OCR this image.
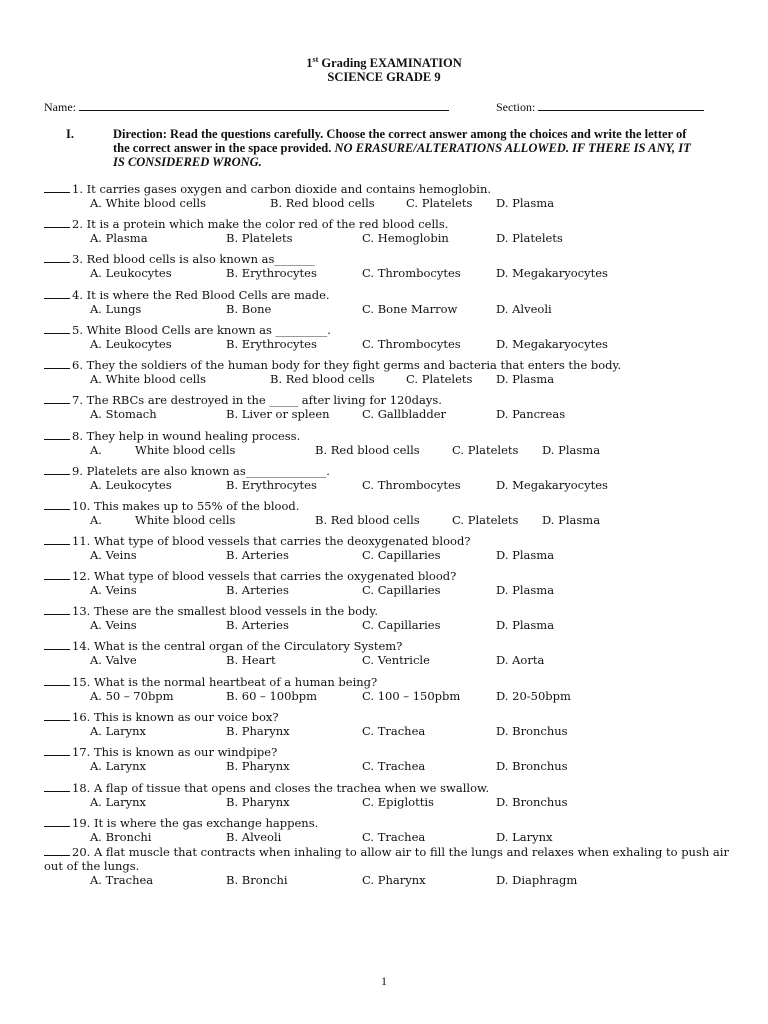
1st Grading EXAMINATION
SCIENCE GRADE 9
Name:	Section:
I.	Direction: Read the questions carefully. Choose the correct answer among the choices and write the letter of the correct answer in the space provided. NO ERASURE/ALTERATIONS ALLOWED. IF THERE IS ANY, IT IS CONSIDERED WRONG.
1. It carries gases oxygen and carbon dioxide and contains hemoglobin.
A. White blood cells	B. Red blood cells	C. Platelets D. Plasma
2. It is a protein which make the color red of the red blood cells.
A. Plasma	B. Platelets	C. Hemoglobin	D. Platelets
3. Red blood cells is also known as_______
A. Leukocytes	B. Erythrocytes	C. Thrombocytes	D. Megakaryocytes
4. It is where the Red Blood Cells are made.
A. Lungs	B. Bone	C. Bone Marrow	D. Alveoli
5. White Blood Cells are known as _________.
A. Leukocytes	B. Erythrocytes	C. Thrombocytes	D. Megakaryocytes
6. They the soldiers of the human body for they fight germs and bacteria that enters the body.
A. White blood cells	B. Red blood cells	C. Platelets D. Plasma
7. The RBCs are destroyed in the _____ after living for 120days.
A. Stomach	B. Liver or spleen	C. Gallbladder	D. Pancreas
8. They help in wound healing process.
A.	White blood cells	B. Red blood cells	C. Platelets D. Plasma
9. Platelets are also known as______________.
A. Leukocytes	B. Erythrocytes	C. Thrombocytes	D. Megakaryocytes
10. This makes up to 55% of the blood.
A.	White blood cells	B. Red blood cells	C. Platelets D. Plasma
11. What type of blood vessels that carries the deoxygenated blood?
A. Veins	B. Arteries	C. Capillaries	D. Plasma
12. What type of blood vessels that carries the oxygenated blood?
A. Veins	B. Arteries	C. Capillaries	D. Plasma
13. These are the smallest blood vessels in the body.
A. Veins	B. Arteries	C. Capillaries	D. Plasma
14. What is the central organ of the Circulatory System?
A. Valve	B. Heart	C. Ventricle	D. Aorta
15. What is the normal heartbeat of a human being?
A. 50 – 70bpm	B. 60 – 100bpm	C. 100 – 150pbm	D. 20-50bpm
16. This is known as our voice box?
A. Larynx	B. Pharynx	C. Trachea	D. Bronchus
17. This is known as our windpipe?
A. Larynx	B. Pharynx	C. Trachea	D. Bronchus
18. A flap of tissue that opens and closes the trachea when we swallow.
A. Larynx	B. Pharynx	C. Epiglottis	D. Bronchus
19. It is where the gas exchange happens.
A. Bronchi	B. Alveoli	C. Trachea	D. Larynx
20. A flat muscle that contracts when inhaling to allow air to fill the lungs and relaxes when exhaling to push air out of the lungs.
A. Trachea	B. Bronchi	C. Pharynx	D. Diaphragm
1
